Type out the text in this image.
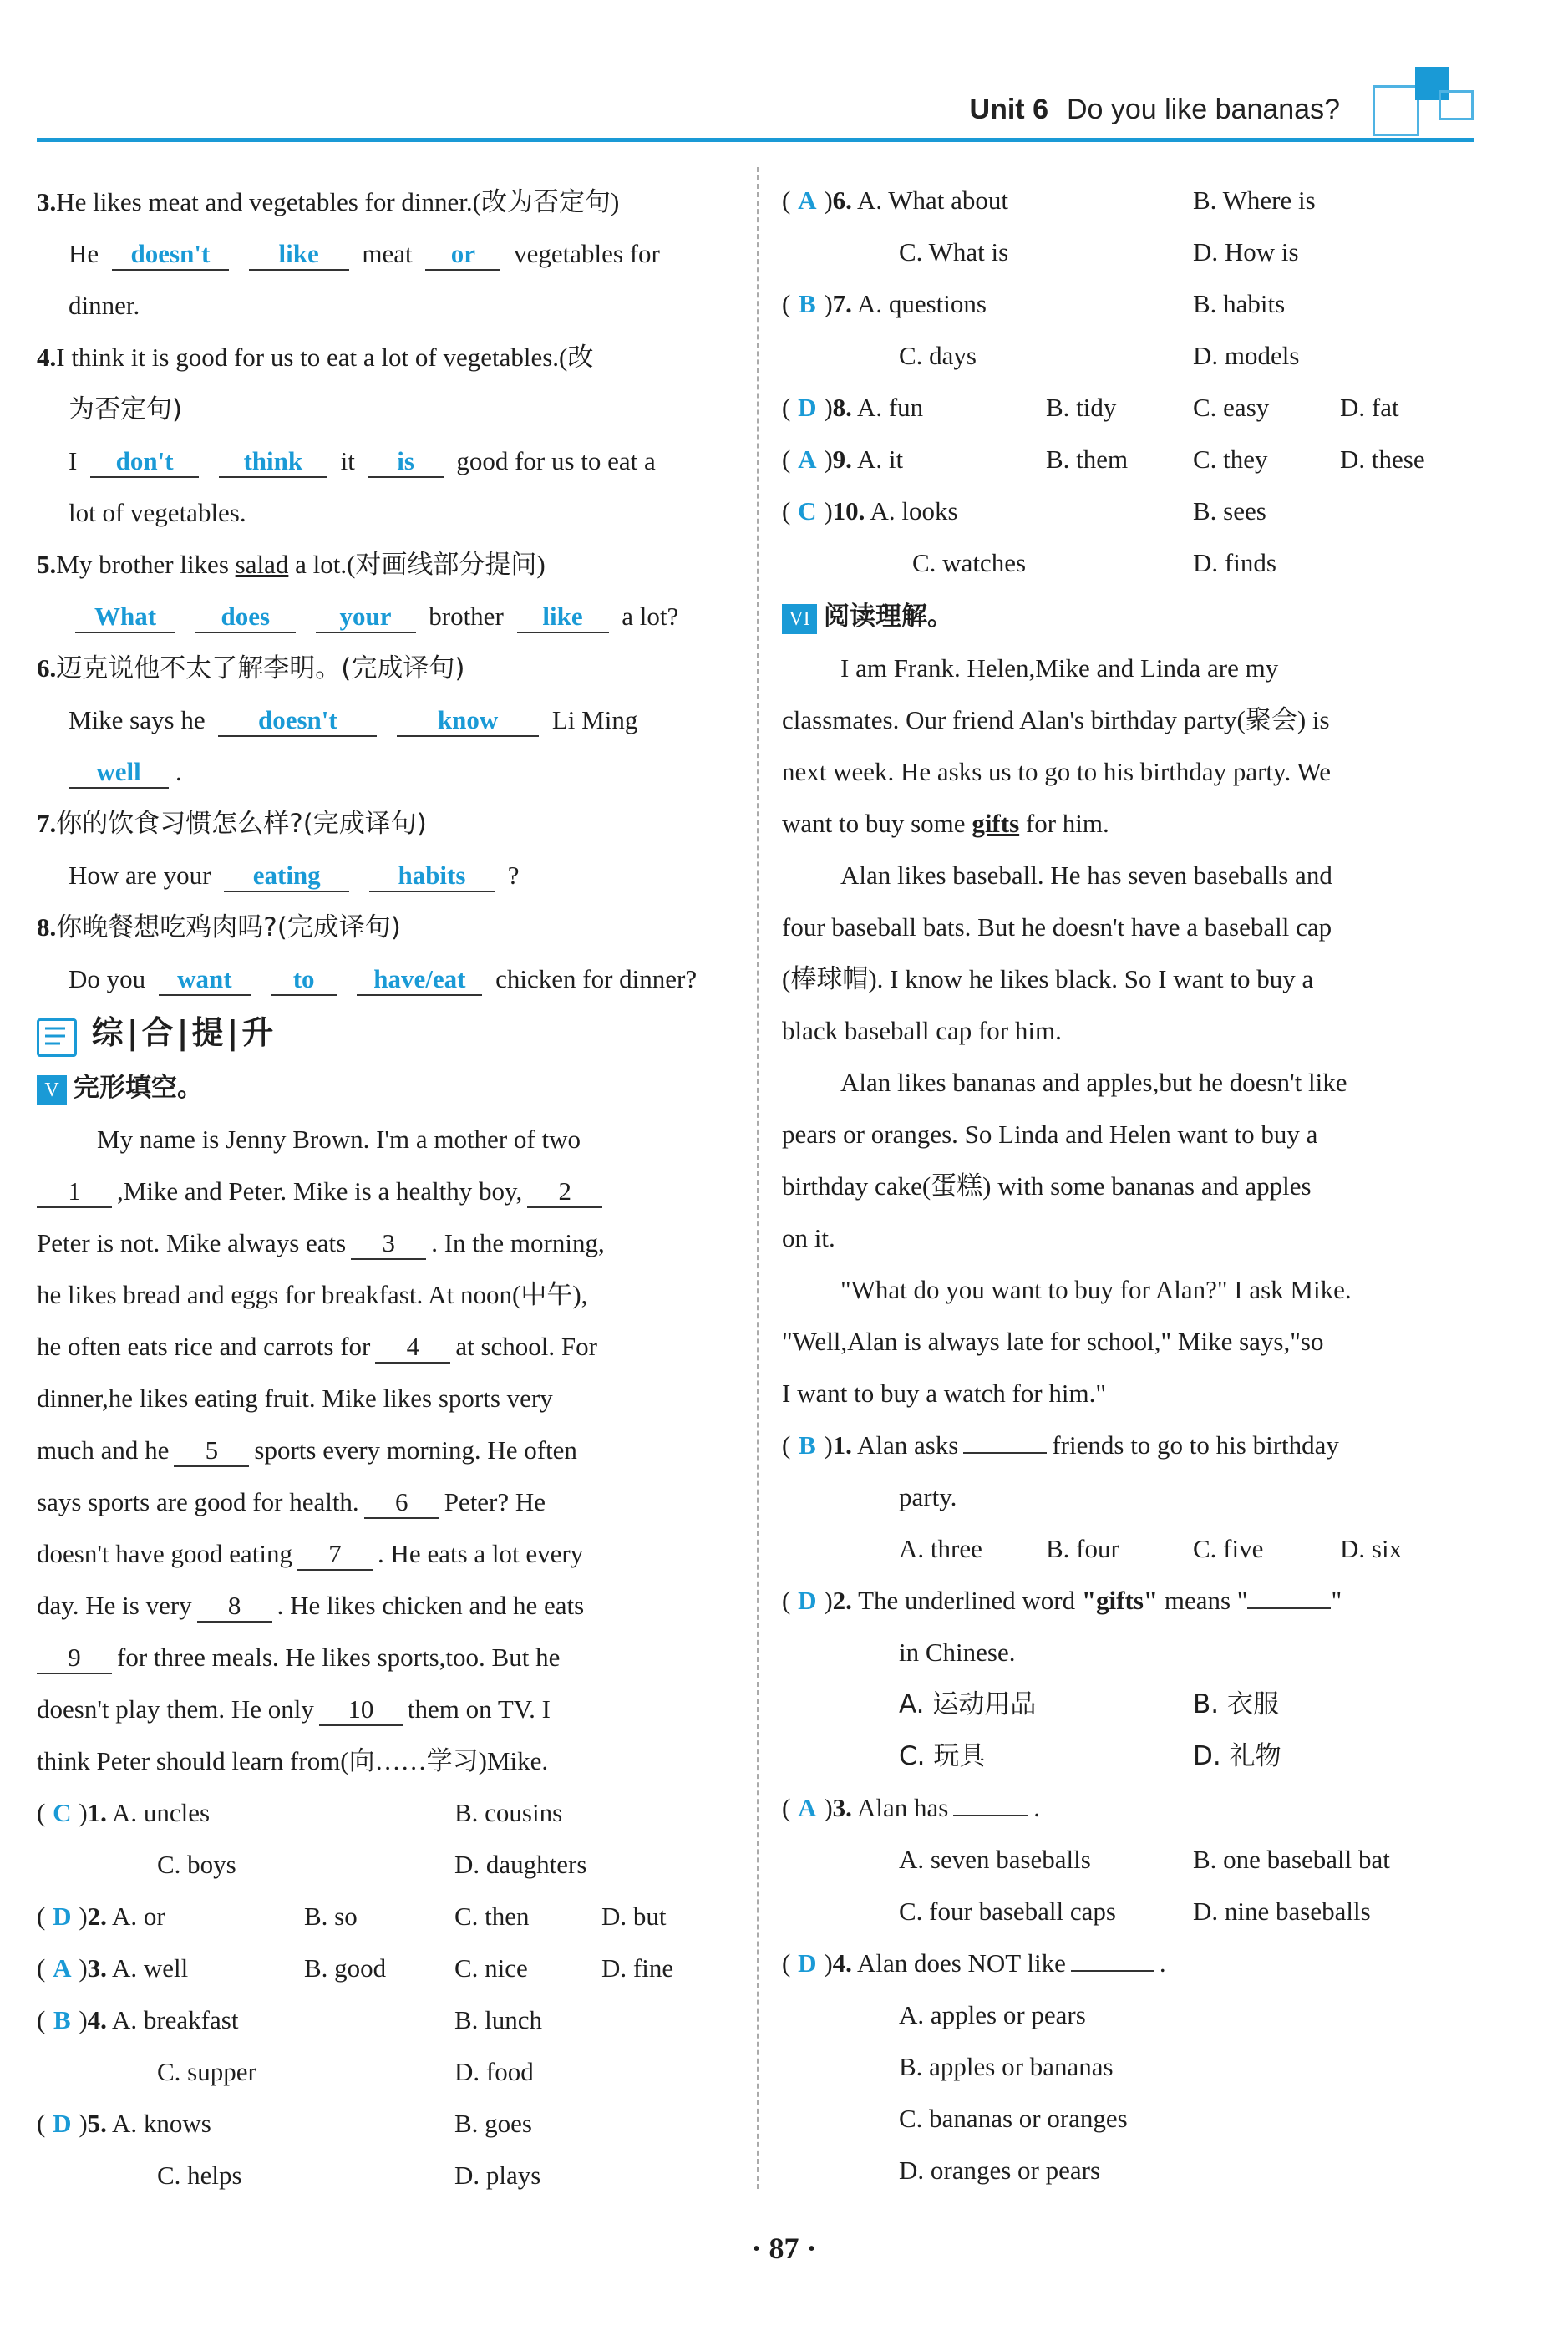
Unit 6 Do you like bananas?
3.He likes meat and vegetables for dinner.(改为否定句)
He doesn't	like meat or vegetables for
dinner.
4.I think it is good for us to eat a lot of vegetables.(改
为否定句)
I don't	think it is good for us to eat a
lot of vegetables.
5.My brother likes salad a lot.(对画线部分提问)
What does	your brother like a lot?
6.迈克说他不太了解李明。(完成译句)
Mike says he doesn't	know Li Ming
well .
7.你的饮食习惯怎么样?(完成译句)
How are your eating	habits ?
8.你晚餐想吃鸡肉吗?(完成译句)
Do you want to have/eat chicken for dinner?
综|合|提|升
V 完形填空。
My name is Jenny Brown. I'm a mother of two
1 ,Mike and Peter. Mike is a healthy boy, 2
Peter is not. Mike always eats 3 . In the morning,
he likes bread and eggs for breakfast. At noon(中午),
he often eats rice and carrots for 4 at school. For
dinner,he likes eating fruit. Mike likes sports very
much and he 5 sports every morning. He often
says sports are good for health. 6 Peter? He
doesn't have good eating 7 . He eats a lot every
day. He is very 8 . He likes chicken and he eats
9 for three meals. He likes sports,too. But he
doesn't play them. He only 10 them on TV. I
think Peter should learn from(向……学习)Mike.
( C )1. A. uncles	B. cousins
C. boys	D. daughters
( D )2. A. or	B. so	C. then	D. but
( A )3. A. well	B. good	C. nice	D. fine
( B )4. A. breakfast	B. lunch
C. supper	D. food
( D )5. A. knows	B. goes
C. helps	D. plays
( A )6. A. What about	B. Where is
C. What is	D. How is
( B )7. A. questions	B. habits
C. days	D. models
( D )8. A. fun	B. tidy	C. easy	D. fat
( A )9. A. it	B. them	C. they	D. these
( C )10. A. looks	B. sees
C. watches	D. finds
VI 阅读理解。
I am Frank. Helen,Mike and Linda are my
classmates. Our friend Alan's birthday party(聚会) is
next week. He asks us to go to his birthday party. We
want to buy some gifts for him.
Alan likes baseball. He has seven baseballs and
four baseball bats. But he doesn't have a baseball cap
(棒球帽). I know he likes black. So I want to buy a
black baseball cap for him.
Alan likes bananas and apples,but he doesn't like
pears or oranges. So Linda and Helen want to buy a
birthday cake(蛋糕) with some bananas and apples
on it.
"What do you want to buy for Alan?" I ask Mike.
"Well,Alan is always late for school," Mike says,"so
I want to buy a watch for him."
( B )1. Alan asks	friends to go to his birthday
party.
A. three B. four	C. five	D. six
( D )2. The underlined word "gifts" means "	"
in Chinese.
A. 运动用品	B. 衣服
C. 玩具	D. 礼物
( A )3. Alan has	.
A. seven baseballs	B. one baseball bat
C. four baseball caps	D. nine baseballs
( D )4. Alan does NOT like	.
A. apples or pears
B. apples or bananas
C. bananas or oranges
D. oranges or pears
· 87 ·
